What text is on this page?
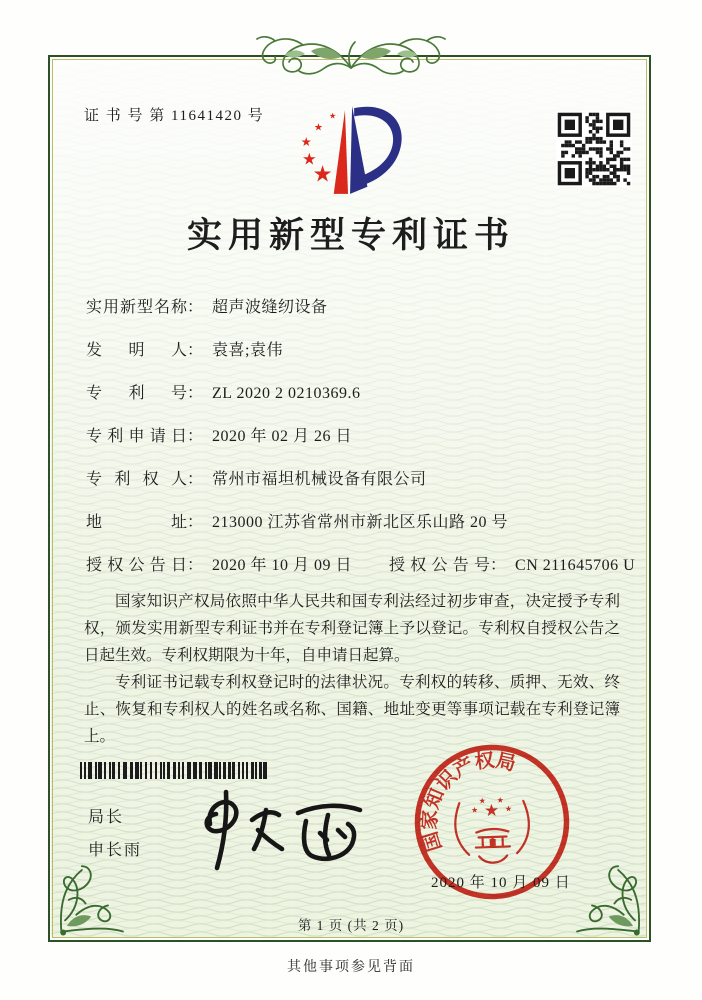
证 书 号 第 11641420 号
★
★
★
★
★
实用新型专利证书
实用新型名称： 超声波缝纫设备
发明人： 袁喜;袁伟
专利号： ZL 2020 2 0210369.6
专利申请日： 2020 年 02 月 26 日
专利权人： 常州市福坦机械设备有限公司
地址： 213000 江苏省常州市新北区乐山路 20 号
授权公告日： 2020 年 10 月 09 日 授权公告号： CN 211645706 U

国家知识产权局依照中华人民共和国专利法经过初步审查，决定授予专利权，颁发实用新型专利证书并在专利登记簿上予以登记。专利权自授权公告之日起生效。专利权期限为十年，自申请日起算。

专利证书记载专利权登记时的法律状况。专利权的转移、质押、无效、终止、恢复和专利权人的姓名或名称、国籍、地址变更等事项记载在专利登记簿上。

局长
申长雨	国家知识产权局
★
★
★ ★
★
2020 年 10 月 09 日
第 1 页 (共 2 页)
其他事项参见背面
